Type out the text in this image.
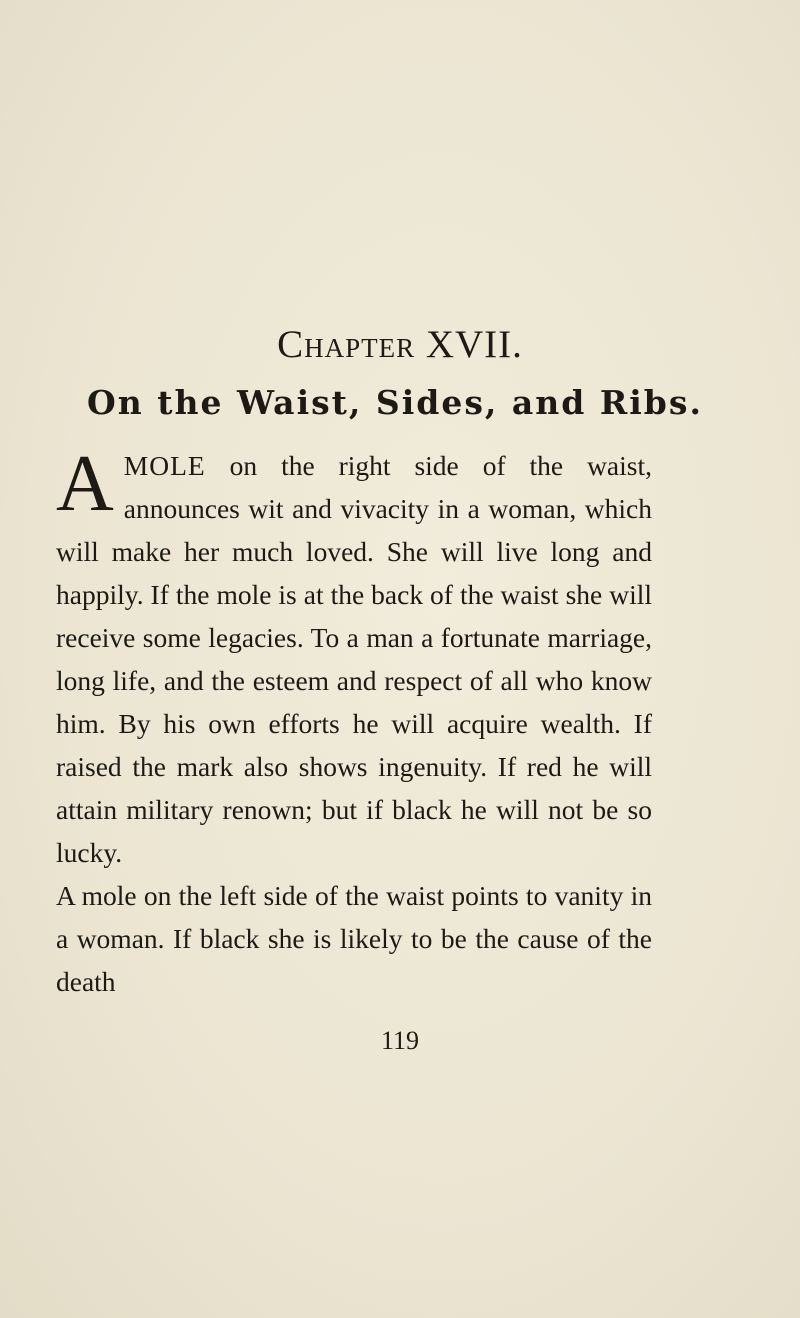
Chapter XVII.
On the Waist, Sides, and Ribs.

AMOLE on the right side of the waist, announces wit and vivacity in a woman, which will make her much loved. She will live long and happily. If the mole is at the back of the waist she will receive some legacies. To a man a fortunate marriage, long life, and the esteem and respect of all who know him. By his own efforts he will acquire wealth. If raised the mark also shows ingenuity. If red he will attain military renown; but if black he will not be so lucky.

A mole on the left side of the waist points to vanity in a woman. If black she is likely to be the cause of the death

119
